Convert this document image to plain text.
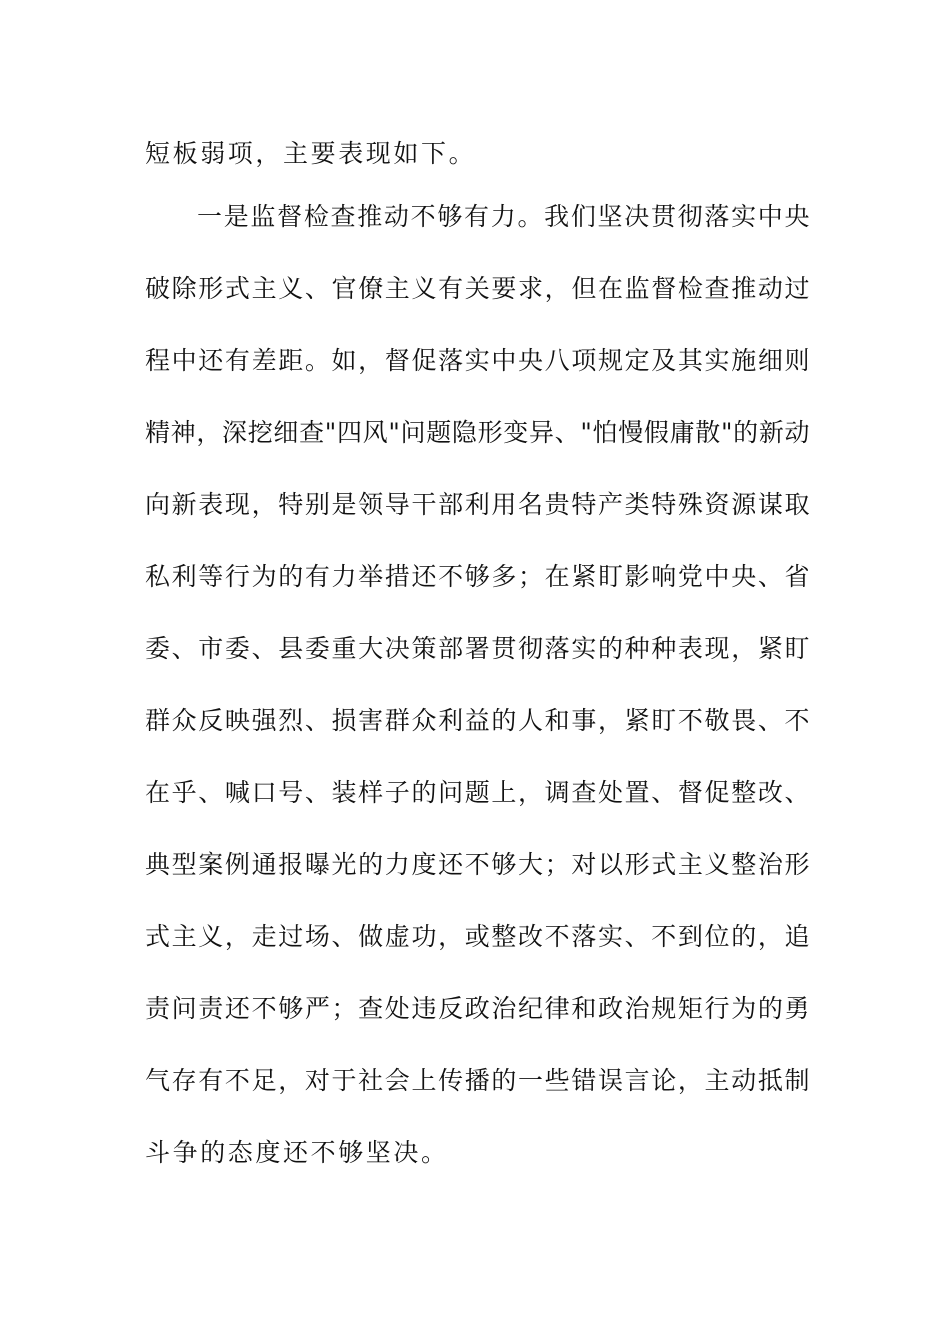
短板弱项，主要表现如下。
一是监督检查推动不够有力。我们坚决贯彻落实中央
破除形式主义、官僚主义有关要求，但在监督检查推动过
程中还有差距。如，督促落实中央八项规定及其实施细则
精神，深挖细查"四风"问题隐形变异、"怕慢假庸散"的新动
向新表现，特别是领导干部利用名贵特产类特殊资源谋取
私利等行为的有力举措还不够多；在紧盯影响党中央、省
委、市委、县委重大决策部署贯彻落实的种种表现，紧盯
群众反映强烈、损害群众利益的人和事，紧盯不敬畏、不
在乎、喊口号、装样子的问题上，调查处置、督促整改、
典型案例通报曝光的力度还不够大；对以形式主义整治形
式主义，走过场、做虚功，或整改不落实、不到位的，追
责问责还不够严；查处违反政治纪律和政治规矩行为的勇
气存有不足，对于社会上传播的一些错误言论，主动抵制
斗争的态度还不够坚决。
